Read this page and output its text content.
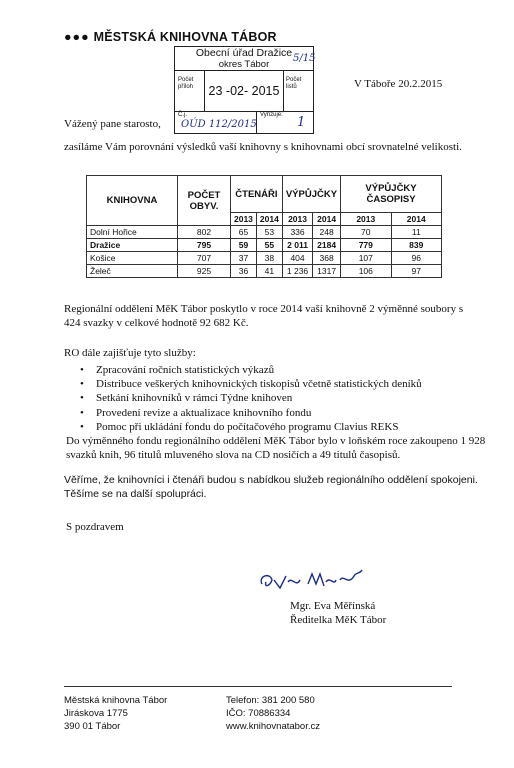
●●● MĚSTSKÁ KNIHOVNA TÁBOR
Obecní úřad Dražice
okres Tábor
Počet příloh	23 -02- 2015
Počet listů
Č.j.	Vyřizuje:
OÚD 112/2015	1
5/15
V Táboře 20.2.2015
Vážený pane starosto,
zasíláme Vám porovnání výsledků vaší knihovny s knihovnami obcí srovnatelné velikosti.
KNIHOVNA	POČET OBYV.	ČTENÁŘI		VÝPŮJČKY		VÝPŮJČKY ČASOPISY	
		2013	2014	2013	2014	2013	2014
Dolní Hořice	802	65	53	336	248	70	11
Dražice	795	59	55	2 011	2184	779	839
Košice	707	37	38	404	368	107	96
Želeč	925	36	41	1 236	1317	106	97
Regionální oddělení MěK Tábor poskytlo v roce 2014 vaší knihovně 2 výměnné soubory s 424 svazky v celkové hodnotě 92 682 Kč.
RO dále zajišťuje tyto služby:
• Zpracování ročních statistických výkazů
• Distribuce veškerých knihovnických tiskopisů včetně statistických deníků
• Setkání knihovníků v rámci Týdne knihoven
• Provedení revize a aktualizace knihovního fondu
• Pomoc při ukládání fondu do počítačového programu Clavius REKS
Do výměnného fondu regionálního oddělení MěK Tábor bylo v loňském roce zakoupeno 1 928 svazků knih, 96 titulů mluveného slova na CD nosičích a 49 titulů časopisů.
Věříme, že knihovníci i čtenáři budou s nabídkou služeb regionálního oddělení spokojeni. Těšíme se na další spolupráci.
S pozdravem
Mgr. Eva Měřínská
Ředitelka MěK Tábor
Městská knihovna Tábor
Jiráskova 1775
390 01 Tábor
Telefon: 381 200 580
IČO: 70886334
www.knihovnatabor.cz
